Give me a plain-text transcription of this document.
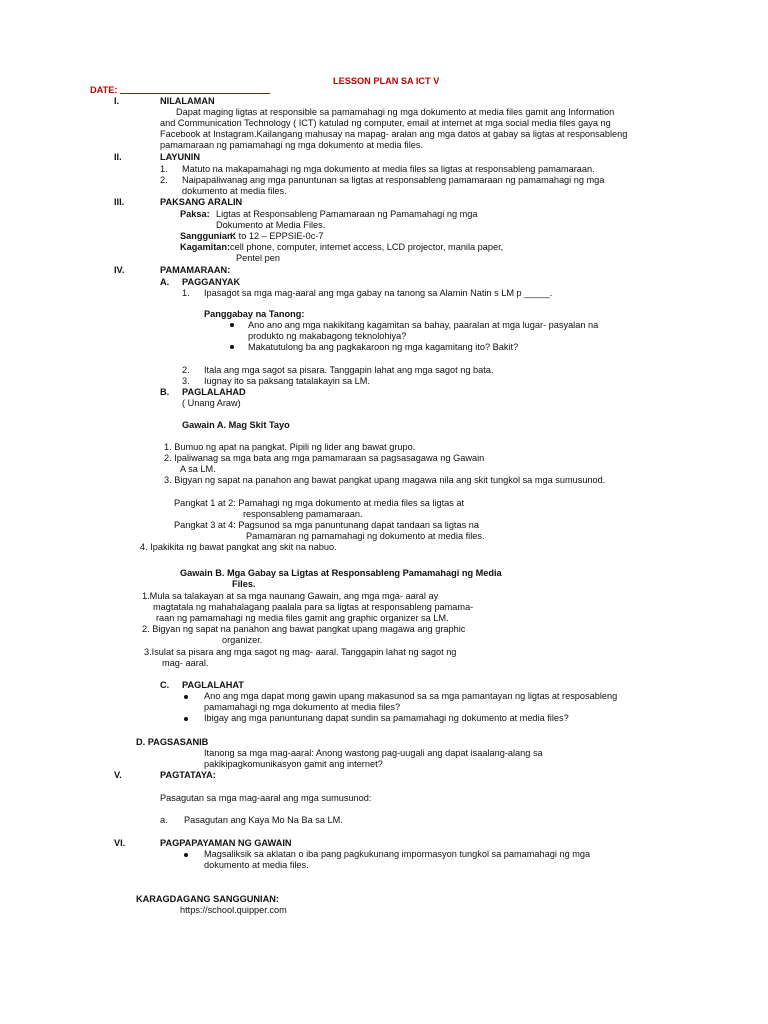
LESSON PLAN SA ICT V
DATE:
I.	NILALAMAN
Dapat maging ligtas at responsible sa pamamahagi ng mga dokumento at media files gamit ang Information
and Communication Technology ( ICT) katulad ng computer, email at internet at mga social media files gaya ng
Facebook at Instagram.Kailangang mahusay na mapag- aralan ang mga datos at gabay sa ligtas at responsableng
pamamaraan ng pamamahagi ng mga dokumento at media files.
II.	LAYUNIN
1. Matuto na makapamahagi ng mga dokumento at media files sa ligtas at responsableng pamamaraan.
2. Naipapaliwanag ang mga panuntunan sa ligtas at responsableng pamamaraan ng pamamahagi ng mga
dokumento at media files.
III.	PAKSANG ARALIN
Paksa: Ligtas at Responsableng Pamamaraan ng Pamamahagi ng mga
Dokumento at Media Files.
Sanggunian:
K to 12 – EPPSIE-0c-7
Kagamitan: cell phone, computer, internet access, LCD projector, manila paper,
Pentel pen
IV.	PAMAMARAAN:
A. PAGGANYAK
1. Ipasagot sa mga mag-aaral ang mga gabay na tanong sa Alamin Natin s LM p _____.
Panggabay na Tanong:
Ano ano ang mga nakikitang kagamitan sa bahay, paaralan at mga lugar- pasyalan na
produkto ng makabagong teknolohiya?
Makatutulong ba ang pagkakaroon ng mga kagamitang ito? Bakit?
2. Itala ang mga sagot sa pisara. Tanggapin lahat ang mga sagot ng bata.
3. Iugnay ito sa paksang tatalakayin sa LM.
B. PAGLALAHAD
( Unang Araw)
Gawain A. Mag Skit Tayo
1. Bumuo ng apat na pangkat. Pipili ng lider ang bawat grupo.
2. Ipaliwanag sa mga bata ang mga pamamaraan sa pagsasagawa ng Gawain
A sa LM.
3. Bigyan ng sapat na panahon ang bawat pangkat upang magawa nila ang skit tungkol sa mga sumusunod.
Pangkat 1 at 2: Pamahagi ng mga dokumento at media files sa ligtas at
responsableng pamamaraan.
Pangkat 3 at 4: Pagsunod sa mga panuntunang dapat tandaan sa ligtas na
Pamamaran ng pamamahagi ng dokumento at media files.
4. Ipakikita ng bawat pangkat ang skit na nabuo.
Gawain B. Mga Gabay sa Ligtas at Responsableng Pamamahagi ng Media
Files.
1.Mula sa talakayan at sa mga naunang Gawain, ang mga mga- aaral ay
magtatala ng mahahalagang paalala para sa ligtas at responsableng pamama-
raan ng pamamahagi ng media files gamit ang graphic organizer sa LM.
2. Bigyan ng sapat na panahon ang bawat pangkat upang magawa ang graphic
organizer.
3.Isulat sa pisara ang mga sagot ng mag- aaral. Tanggapin lahat ng sagot ng
mag- aaral.
C. PAGLALAHAT
Ano ang mga dapat mong gawin upang makasunod sa sa mga pamantayan ng ligtas at resposableng
pamamahagi ng mga dokumento at media files?
Ibigay ang mga panuntunang dapat sundin sa pamamahagi ng dokumento at media files?
D. PAGSASANIB
Itanong sa mga mag-aaral: Anong wastong pag-uugali ang dapat isaalang-alang sa
pakikipagkomunikasyon gamit ang internet?
V.	PAGTATAYA:
Pasagutan sa mga mag-aaral ang mga sumusunod:
a. Pasagutan ang Kaya Mo Na Ba sa LM.
VI.	PAGPAPAYAMAN NG GAWAIN
Magsaliksik sa aklatan o iba pang pagkukunang impormasyon tungkol sa pamamahagi ng mga
dokumento at media files.
KARAGDAGANG SANGGUNIAN:
https://school.quipper.com
